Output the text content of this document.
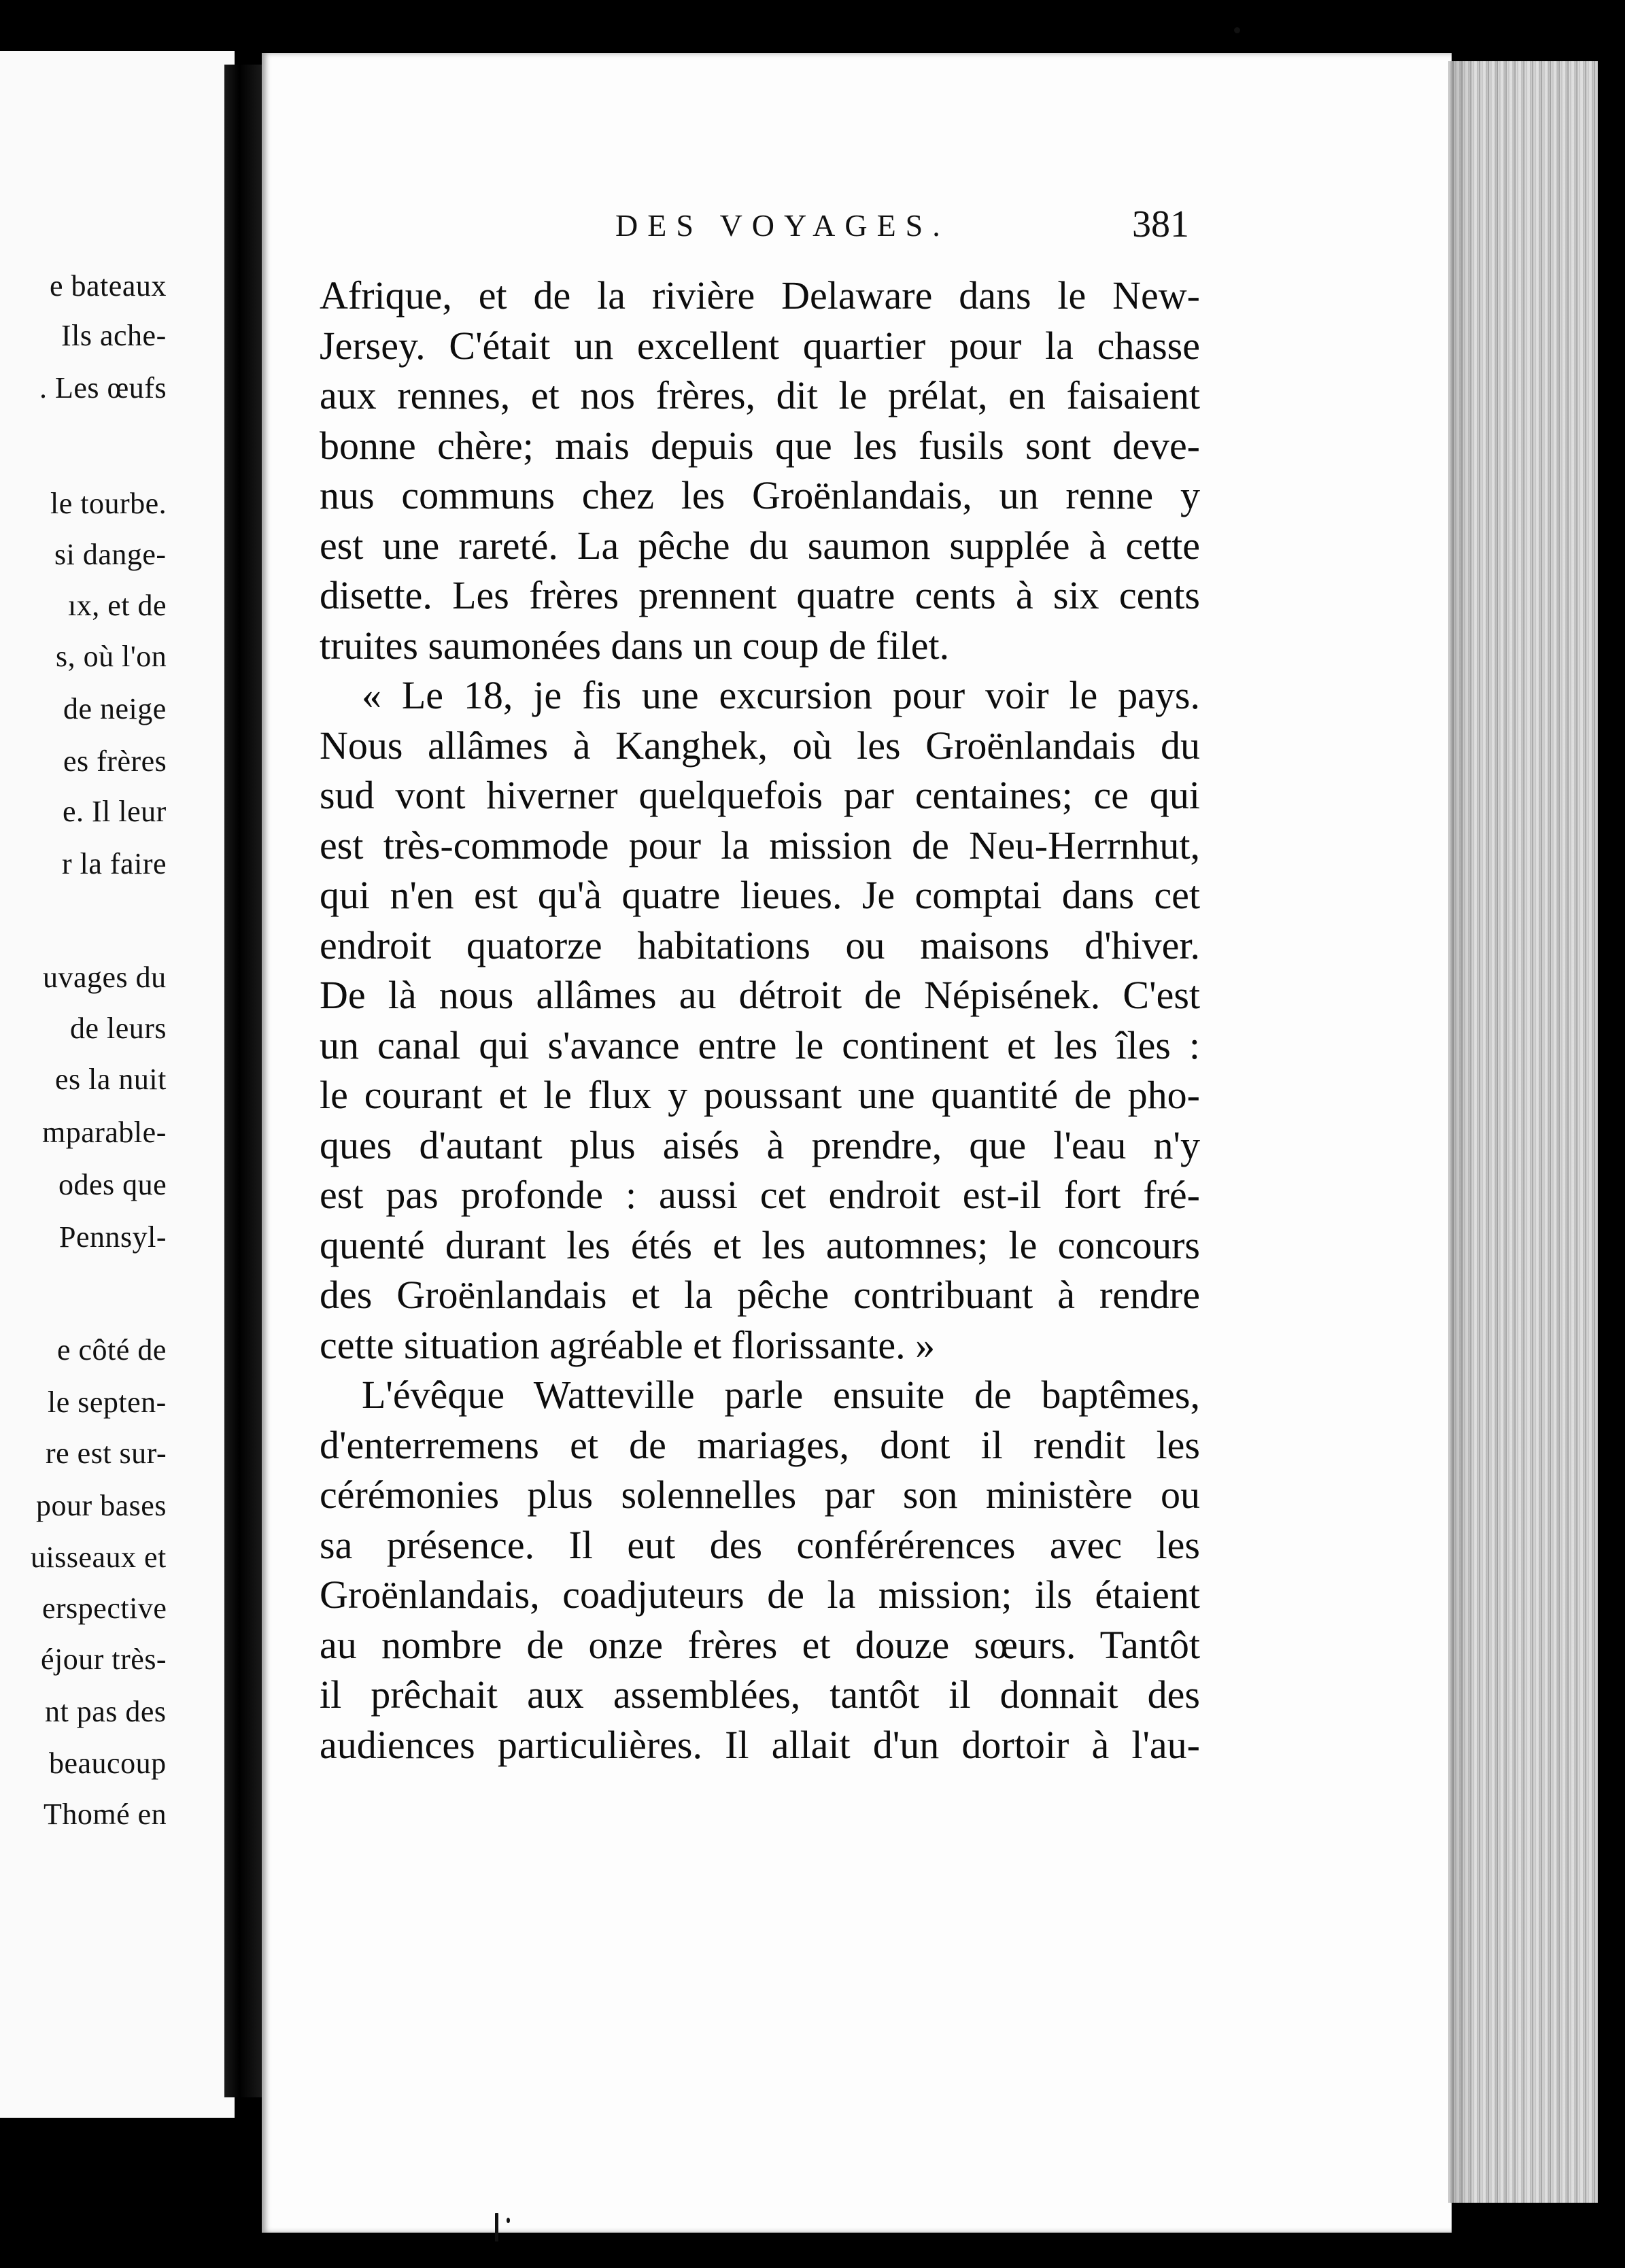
DES VOYAGES.	381
Afrique, et de la rivière Delaware dans le New-
Jersey. C'était un excellent quartier pour la chasse
aux rennes, et nos frères, dit le prélat, en faisaient
bonne chère; mais depuis que les fusils sont deve-
nus communs chez les Groënlandais, un renne y
est une rareté. La pêche du saumon supplée à cette
disette. Les frères prennent quatre cents à six cents
truites saumonées dans un coup de filet.
« Le 18, je fis une excursion pour voir le pays.
Nous allâmes à Kanghek, où les Groënlandais du
sud vont hiverner quelquefois par centaines; ce qui
est très-commode pour la mission de Neu-Herrnhut,
qui n'en est qu'à quatre lieues. Je comptai dans cet
endroit quatorze habitations ou maisons d'hiver.
De là nous allâmes au détroit de Népisének. C'est
un canal qui s'avance entre le continent et les îles :
le courant et le flux y poussant une quantité de pho-
ques d'autant plus aisés à prendre, que l'eau n'y
est pas profonde : aussi cet endroit est-il fort fré-
quenté durant les étés et les automnes; le concours
des Groënlandais et la pêche contribuant à rendre
cette situation agréable et florissante. »
L'évêque Watteville parle ensuite de baptêmes,
d'enterremens et de mariages, dont il rendit les
cérémonies plus solennelles par son ministère ou
sa présence. Il eut des conférérences avec les
Groënlandais, coadjuteurs de la mission; ils étaient
au nombre de onze frères et douze sœurs. Tantôt
il prêchait aux assemblées, tantôt il donnait des
audiences particulières. Il allait d'un dortoir à l'au-
e bateaux
Ils ache-
. Les œufs
le tourbe.
si dange-
ıx, et de
s, où l'on
de neige
es frères
e. Il leur
r la faire
uvages du
de leurs
es la nuit
mparable-
odes que
Pennsyl-
e côté de
le septen-
re est sur-
pour bases
uisseaux et
erspective
éjour très-
nt pas des
beaucoup
Thomé en
